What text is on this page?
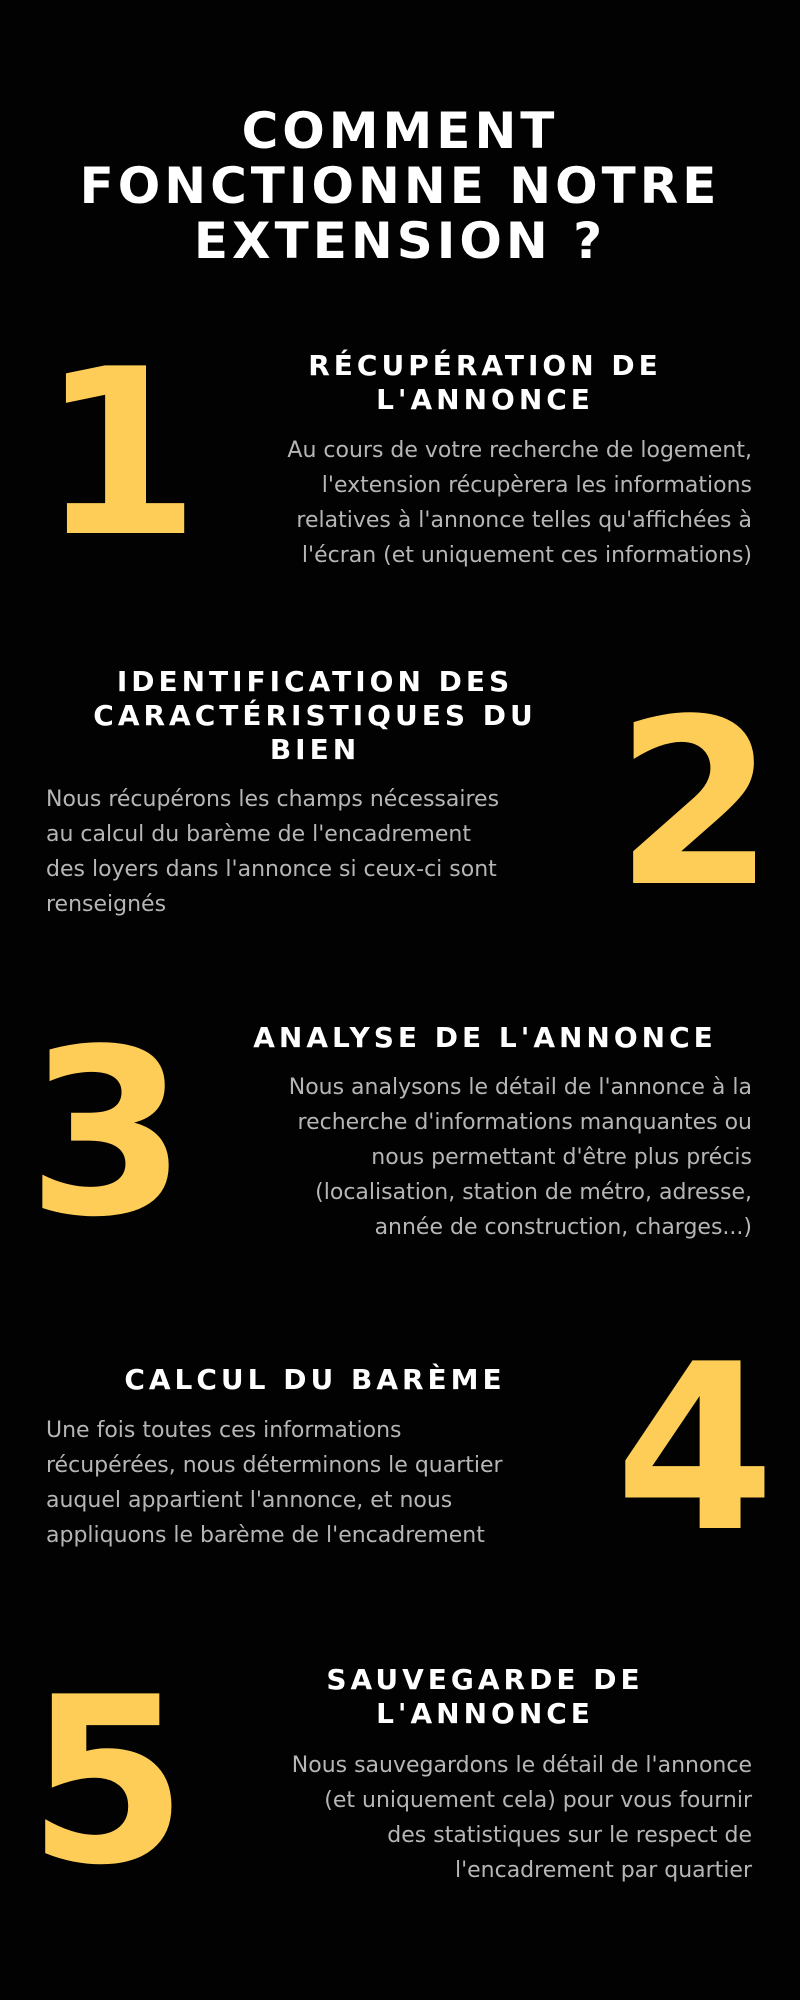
COMMENT
FONCTIONNE NOTRE
EXTENSION ?
1	RÉCUPÉRATION DE
L'ANNONCE

Au cours de votre recherche de logement,
l'extension récupèrera les informations
relatives à l'annonce telles qu'affichées à
l'écran (et uniquement ces informations)

2
IDENTIFICATION DES
CARACTÉRISTIQUES DU
BIEN

Nous récupérons les champs nécessaires
au calcul du barème de l'encadrement
des loyers dans l'annonce si ceux-ci sont
renseignés

3	ANALYSE DE L'ANNONCE

Nous analysons le détail de l'annonce à la
recherche d'informations manquantes ou
nous permettant d'être plus précis
(localisation, station de métro, adresse,
année de construction, charges...)

4
CALCUL DU BARÈME

Une fois toutes ces informations
récupérées, nous déterminons le quartier
auquel appartient l'annonce, et nous
appliquons le barème de l'encadrement

5	SAUVEGARDE DE
L'ANNONCE

Nous sauvegardons le détail de l'annonce
(et uniquement cela) pour vous fournir
des statistiques sur le respect de
l'encadrement par quartier
